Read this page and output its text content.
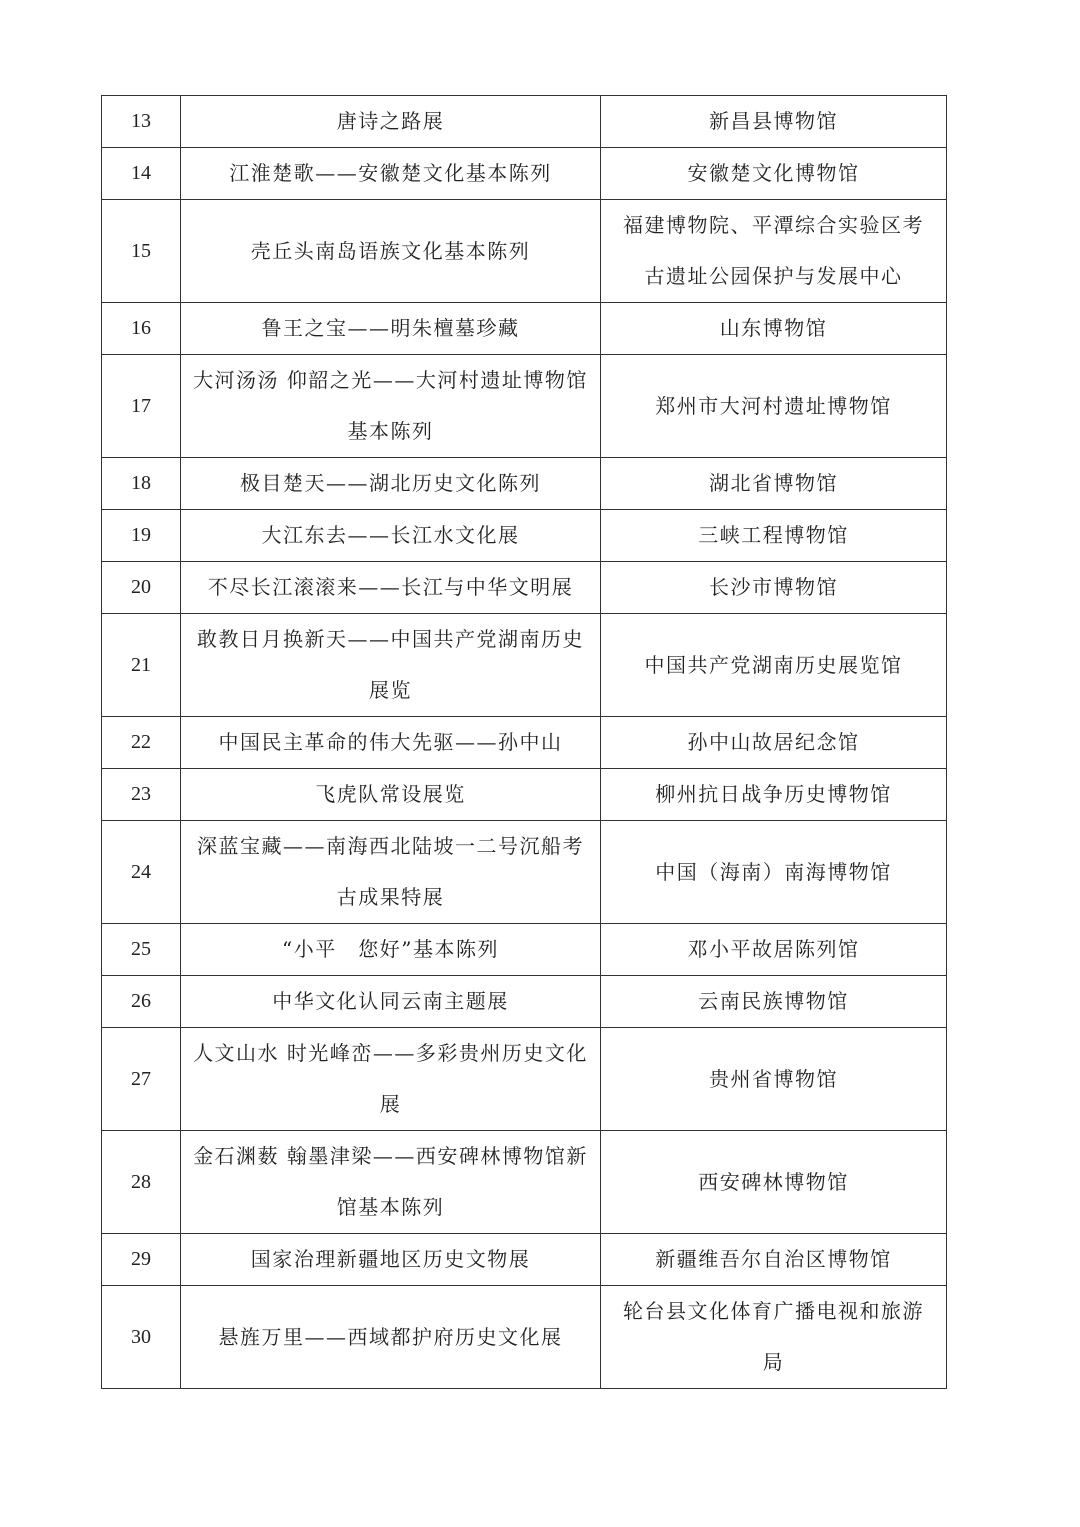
13	唐诗之路展	新昌县博物馆
14	江淮楚歌——安徽楚文化基本陈列	安徽楚文化博物馆
15	壳丘头南岛语族文化基本陈列	福建博物院、平潭综合实验区考古遗址公园保护与发展中心
16	鲁王之宝——明朱檀墓珍藏	山东博物馆
17	大河汤汤 仰韶之光——大河村遗址博物馆基本陈列	郑州市大河村遗址博物馆
18	极目楚天——湖北历史文化陈列	湖北省博物馆
19	大江东去——长江水文化展	三峡工程博物馆
20	不尽长江滚滚来——长江与中华文明展	长沙市博物馆
21	敢教日月换新天——中国共产党湖南历史展览	中国共产党湖南历史展览馆
22	中国民主革命的伟大先驱——孙中山	孙中山故居纪念馆
23	飞虎队常设展览	柳州抗日战争历史博物馆
24	深蓝宝藏——南海西北陆坡一二号沉船考古成果特展	中国（海南）南海博物馆
25	“小平　您好”基本陈列	邓小平故居陈列馆
26	中华文化认同云南主题展	云南民族博物馆
27	人文山水 时光峰峦——多彩贵州历史文化展	贵州省博物馆
28	金石渊薮 翰墨津梁——西安碑林博物馆新馆基本陈列	西安碑林博物馆
29	国家治理新疆地区历史文物展	新疆维吾尔自治区博物馆
30	悬旌万里——西域都护府历史文化展	轮台县文化体育广播电视和旅游局
